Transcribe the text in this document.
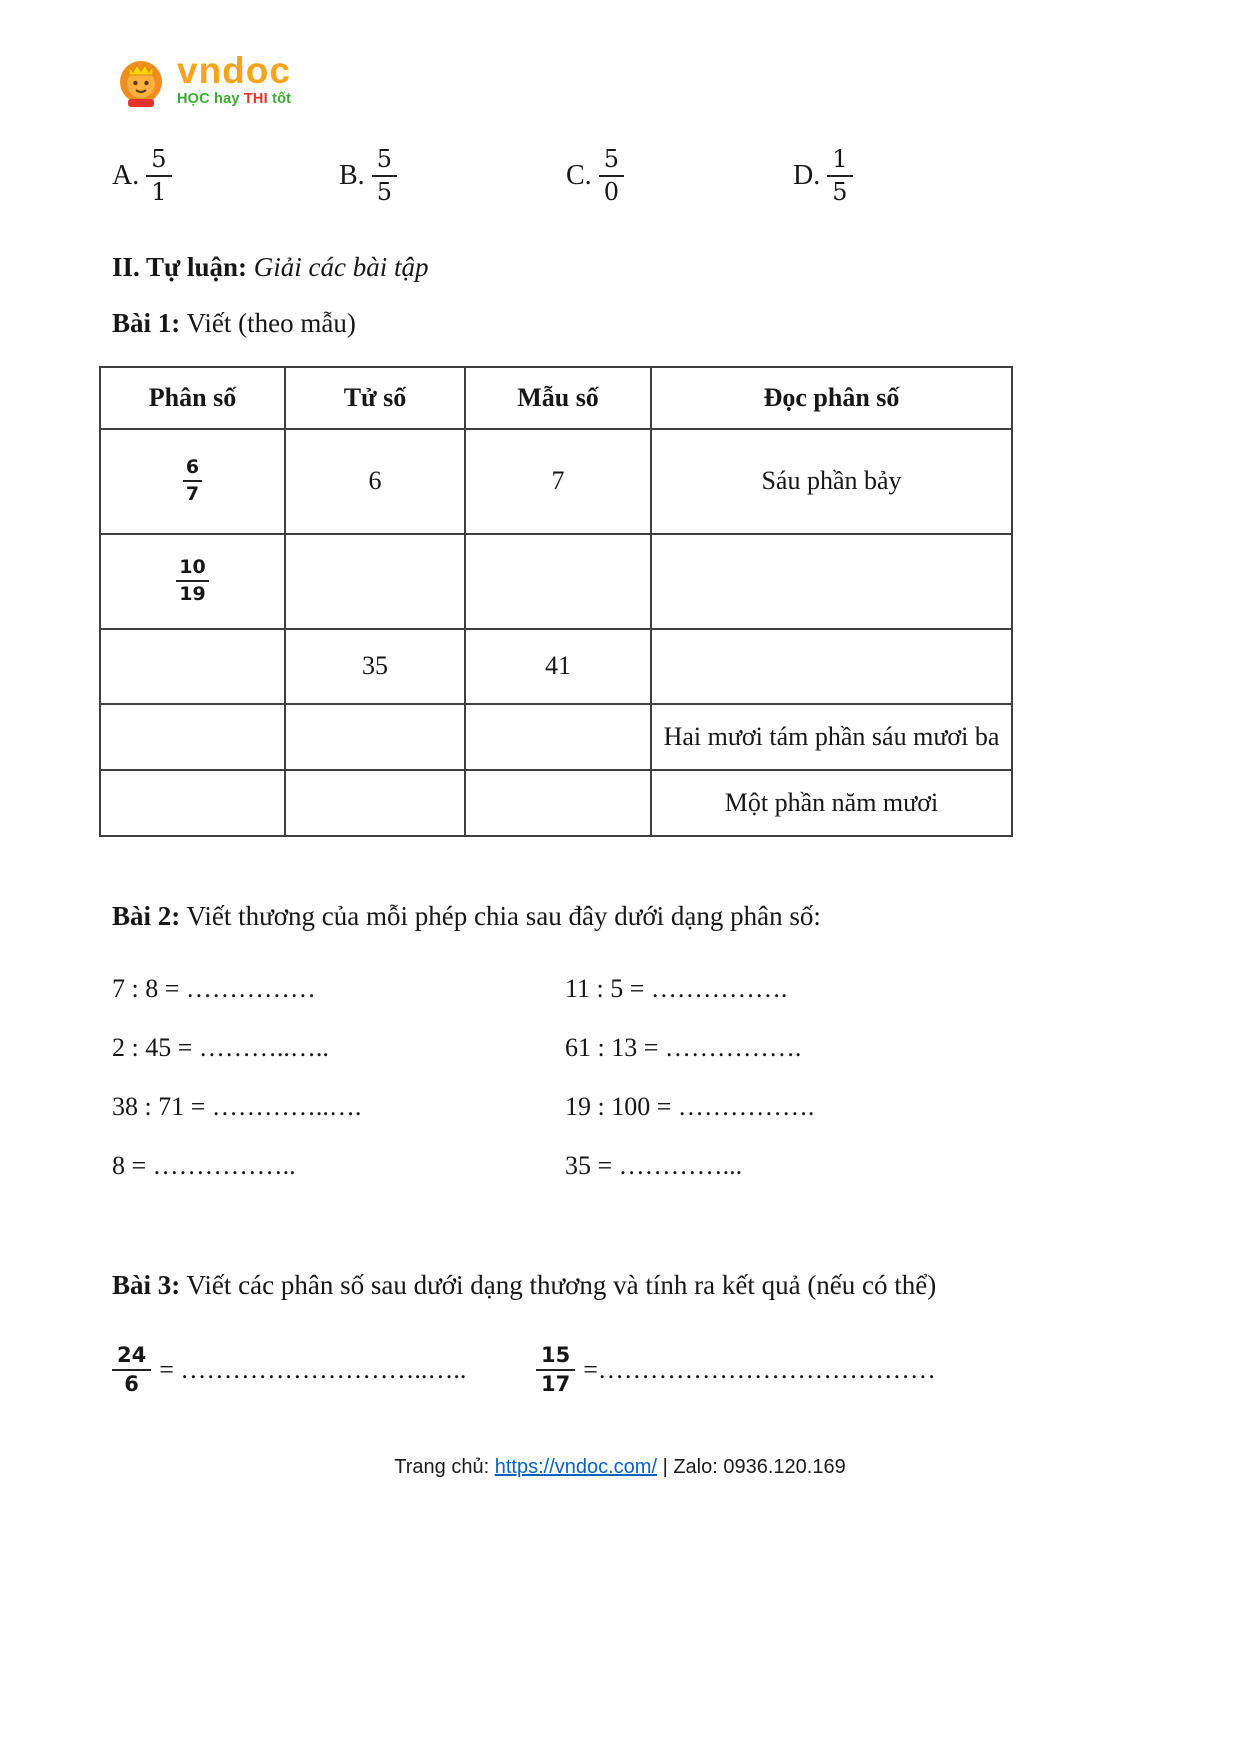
vndoc
HỌC hay THI tốt
A. $\frac{5}{1}$	B. $\frac{5}{5}$	C. $\frac{5}{0}$	D. $\frac{1}{5}$
II. Tự luận: Giải các bài tập
Bài 1: Viết (theo mẫu)
Phân số	Tử số	Mẫu số	Đọc phân số

$\frac{6}{7}$	6	7	Sáu phần bảy

$\frac{10}{19}$

	35	41	
			Hai mươi tám phần sáu mươi ba
			Một phần năm mươi
Bài 2: Viết thương của mỗi phép chia sau đây dưới dạng phân số:
7 : 8 = ……………	11 : 5 = …………….
2 : 45 = ………..…..	61 : 13 = …………….
38 : 71 = …………..….	19 : 100 = …………….
8 = ……………..	35 = …………...
Bài 3: Viết các phân số sau dưới dạng thương và tính ra kết quả (nếu có thể)
$\frac{24}{6}$ = ………………………..…..	$\frac{15}{17}$ =…………………………………
Trang chủ: https://vndoc.com/ | Zalo: 0936.120.169
